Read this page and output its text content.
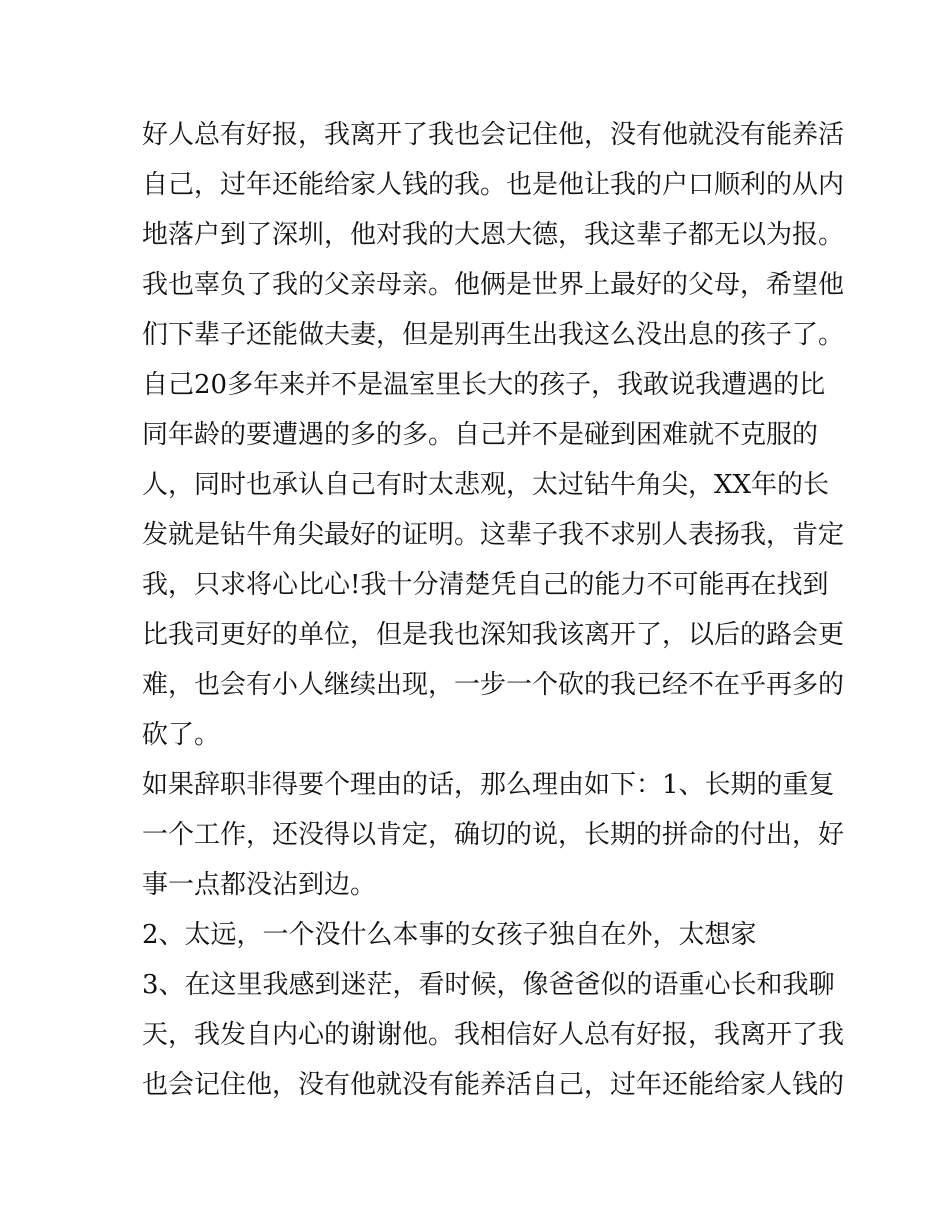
好人总有好报，我离开了我也会记住他，没有他就没有能养活
自己，过年还能给家人钱的我。也是他让我的户口顺利的从内
地落户到了深圳，他对我的大恩大德，我这辈子都无以为报。
我也辜负了我的父亲母亲。他俩是世界上最好的父母，希望他
们下辈子还能做夫妻，但是别再生出我这么没出息的孩子了。
自己20多年来并不是温室里长大的孩子，我敢说我遭遇的比
同年龄的要遭遇的多的多。自己并不是碰到困难就不克服的
人，同时也承认自己有时太悲观，太过钻牛角尖，XX年的长
发就是钻牛角尖最好的证明。这辈子我不求别人表扬我，肯定
我，只求将心比心!我十分清楚凭自己的能力不可能再在找到
比我司更好的单位，但是我也深知我该离开了，以后的路会更
难，也会有小人继续出现，一步一个砍的我已经不在乎再多的
砍了。
如果辞职非得要个理由的话，那么理由如下：1、长期的重复
一个工作，还没得以肯定，确切的说，长期的拼命的付出，好
事一点都没沾到边。
2、太远，一个没什么本事的女孩子独自在外，太想家
3、在这里我感到迷茫，看时候，像爸爸似的语重心长和我聊
天，我发自内心的谢谢他。我相信好人总有好报，我离开了我
也会记住他，没有他就没有能养活自己，过年还能给家人钱的
